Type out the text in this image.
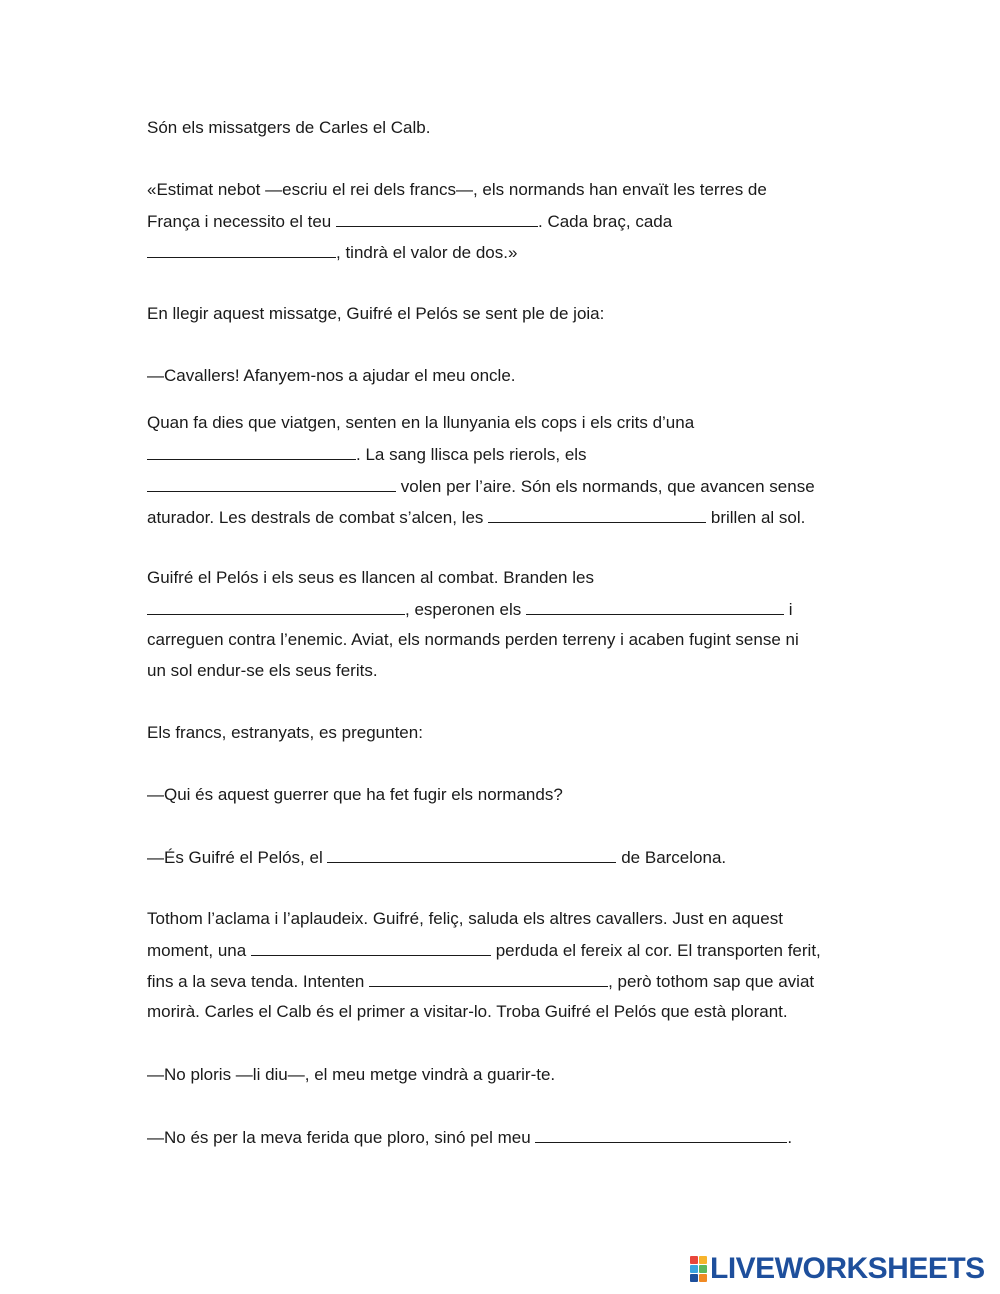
Són els missatgers de Carles el Calb.

«Estimat nebot —escriu el rei dels francs—, els normands han envaït les terres de

França i necessito el teu	. Cada braç, cada

, tindrà el valor de dos.»

En llegir aquest missatge, Guifré el Pelós se sent ple de joia:

—Cavallers! Afanyem-nos a ajudar el meu oncle.

Quan fa dies que viatgen, senten en la llunyania els cops i els crits d’una

. La sang llisca pels rierols, els

volen per l’aire. Són els normands, que avancen sense

aturador. Les destrals de combat s’alcen, les	brillen al sol.

Guifré el Pelós i els seus es llancen al combat. Branden les

, esperonen els	i

carreguen contra l’enemic. Aviat, els normands perden terreny i acaben fugint sense ni

un sol endur-se els seus ferits.

Els francs, estranyats, es pregunten:

—Qui és aquest guerrer que ha fet fugir els normands?

—És Guifré el Pelós, el	de Barcelona.

Tothom l’aclama i l’aplaudeix. Guifré, feliç, saluda els altres cavallers. Just en aquest

moment, una	perduda el fereix al cor. El transporten ferit,

fins a la seva tenda. Intenten	, però tothom sap que aviat

morirà. Carles el Calb és el primer a visitar-lo. Troba Guifré el Pelós que està plorant.

—No ploris —li diu—, el meu metge vindrà a guarir-te.

—No és per la meva ferida que ploro, sinó pel meu	.

LIVEWORKSHEETS
